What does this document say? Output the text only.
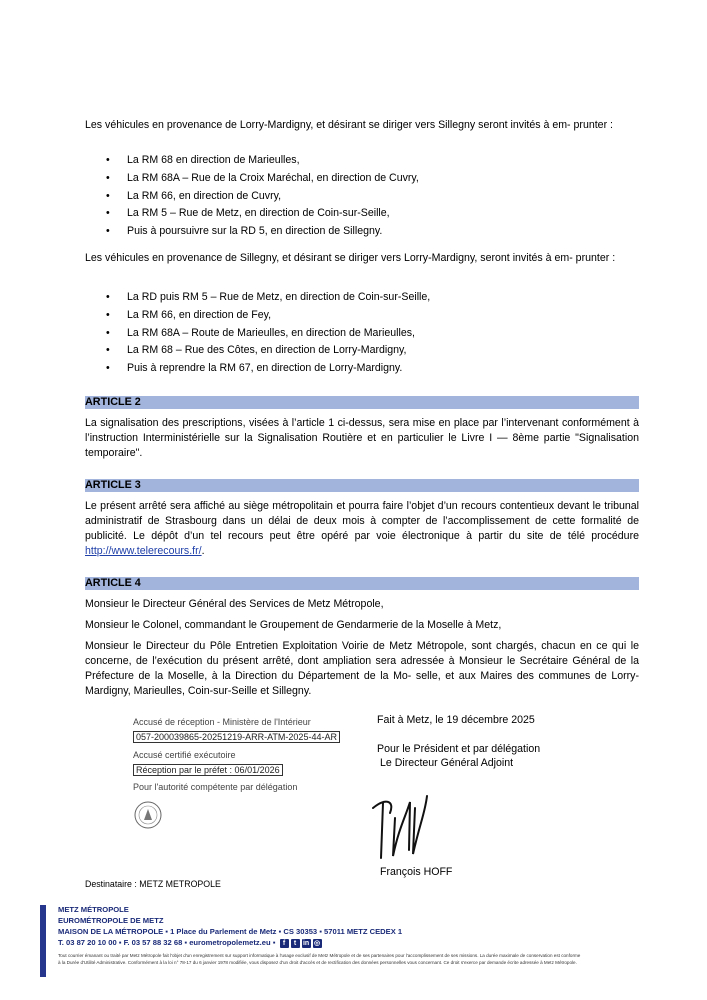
Les véhicules en provenance de Lorry-Mardigny, et désirant se diriger vers Sillegny seront invités à em- prunter :

• La RM 68 en direction de Marieulles,
• La RM 68A – Rue de la Croix Maréchal, en direction de Cuvry,
• La RM 66, en direction de Cuvry,
• La RM 5 – Rue de Metz, en direction de Coin-sur-Seille,
• Puis à poursuivre sur la RD 5, en direction de Sillegny.

Les véhicules en provenance de Sillegny, et désirant se diriger vers Lorry-Mardigny, seront invités à em- prunter :

• La RD puis RM 5 – Rue de Metz, en direction de Coin-sur-Seille,
• La RM 66, en direction de Fey,
• La RM 68A – Route de Marieulles, en direction de Marieulles,
• La RM 68 – Rue des Côtes, en direction de Lorry-Mardigny,
• Puis à reprendre la RM 67, en direction de Lorry-Mardigny.
ARTICLE 2

La signalisation des prescriptions, visées à l’article 1 ci-dessus, sera mise en place par l’intervenant conformément à l’instruction Interministérielle sur la Signalisation Routière et en particulier le Livre I — 8ème partie "Signalisation temporaire".

ARTICLE 3

Le présent arrêté sera affiché au siège métropolitain et pourra faire l’objet d’un recours contentieux devant le tribunal administratif de Strasbourg dans un délai de deux mois à compter de l’accomplissement de cette formalité de publicité. Le dépôt d’un tel recours peut être opéré par voie électronique à partir du site de télé procédure http://www.telerecours.fr/.

ARTICLE 4

Monsieur le Directeur Général des Services de Metz Métropole,

Monsieur le Colonel, commandant le Groupement de Gendarmerie de la Moselle à Metz,

Monsieur le Directeur du Pôle Entretien Exploitation Voirie de Metz Métropole, sont chargés, chacun en ce qui le concerne, de l’exécution du présent arrêté, dont ampliation sera adressée à Monsieur le Secrétaire Général de la Préfecture de la Moselle, à la Direction du Département de la Mo- selle, et aux Maires des communes de Lorry-Mardigny, Marieulles, Coin-sur-Seille et Sillegny.

Accusé de réception - Ministère de l'Intérieur
057-200039865-20251219-ARR-ATM-2025-44-AR
Accusé certifié exécutoire
Réception par le préfet : 06/01/2026
Pour l'autorité compétente par délégation
Fait à Metz, le 19 décembre 2025
Pour le Président et par délégation
Le Directeur Général Adjoint
François HOFF
Destinataire : METZ METROPOLE
METZ MÉTROPOLE
EUROMÉTROPOLE DE METZ
MAISON DE LA MÉTROPOLE ▪ 1 Place du Parlement de Metz ▪ CS 30353 ▪ 57011 METZ CEDEX 1
T. 03 87 20 10 00 ▪ F. 03 57 88 32 68 ▪ eurometropolemetz.eu ▪ f t in ◎
Tout courrier émanant ou traité par Metz Métropole fait l'objet d'un enregistrement sur support informatique à l'usage exclusif de Metz Métropole et de ses partenaires pour l'accomplissement de ses missions. La durée maximale de conservation est conforme
à la Durée d'Utilité Administrative. Conformément à la loi n° 78-17 du 6 janvier 1978 modifiée, vous disposez d'un droit d'accès et de rectification des données personnelles vous concernant. Ce droit s'exerce par demande écrite adressée à Metz Métropole.
